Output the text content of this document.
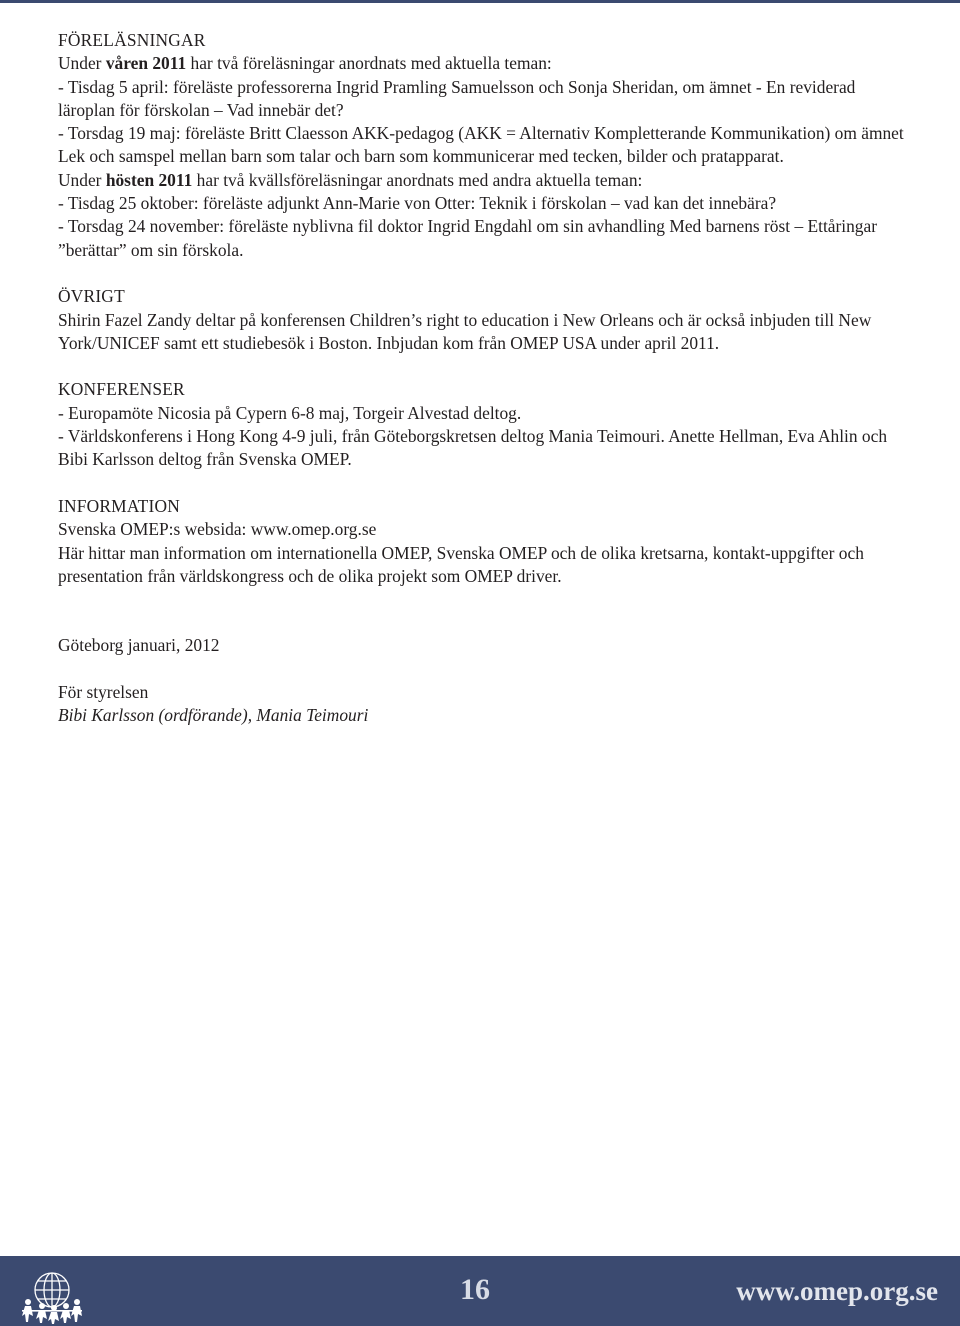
FÖRELÄSNINGAR

Under våren 2011 har två föreläsningar anordnats med aktuella teman:

- Tisdag 5 april: föreläste professorerna Ingrid Pramling Samuelsson och Sonja Sheridan, om ämnet - En reviderad läroplan för förskolan – Vad innebär det?

- Torsdag 19 maj: föreläste Britt Claesson AKK-pedagog (AKK = Alternativ Kompletterande Kommunikation) om ämnet Lek och samspel mellan barn som talar och barn som kommunicerar med tecken, bilder och pratapparat.

Under hösten 2011 har två kvällsföreläsningar anordnats med andra aktuella teman:

- Tisdag 25 oktober: föreläste adjunkt Ann-Marie von Otter: Teknik i förskolan – vad kan det innebära?

- Torsdag 24 november: föreläste nyblivna fil doktor Ingrid Engdahl om sin avhandling Med barnens röst – Ettåringar ”berättar” om sin förskola.

ÖVRIGT

Shirin Fazel Zandy deltar på konferensen Children’s right to education i New Orleans och är också inbjuden till New York/UNICEF samt ett studiebesök i Boston. Inbjudan kom från OMEP USA under april 2011.

KONFERENSER

- Europamöte Nicosia på Cypern 6-8 maj, Torgeir Alvestad deltog.

- Världskonferens i Hong Kong 4-9 juli, från Göteborgskretsen deltog Mania Teimouri. Anette Hellman, Eva Ahlin och Bibi Karlsson deltog från Svenska OMEP.

INFORMATION

Svenska OMEP:s websida: www.omep.org.se

Här hittar man information om internationella OMEP, Svenska OMEP och de olika kretsarna, kontakt-uppgifter och presentation från världskongress och de olika projekt som OMEP driver.

Göteborg januari, 2012

För styrelsen

Bibi Karlsson (ordförande), Mania Teimouri

16	www.omep.org.se
